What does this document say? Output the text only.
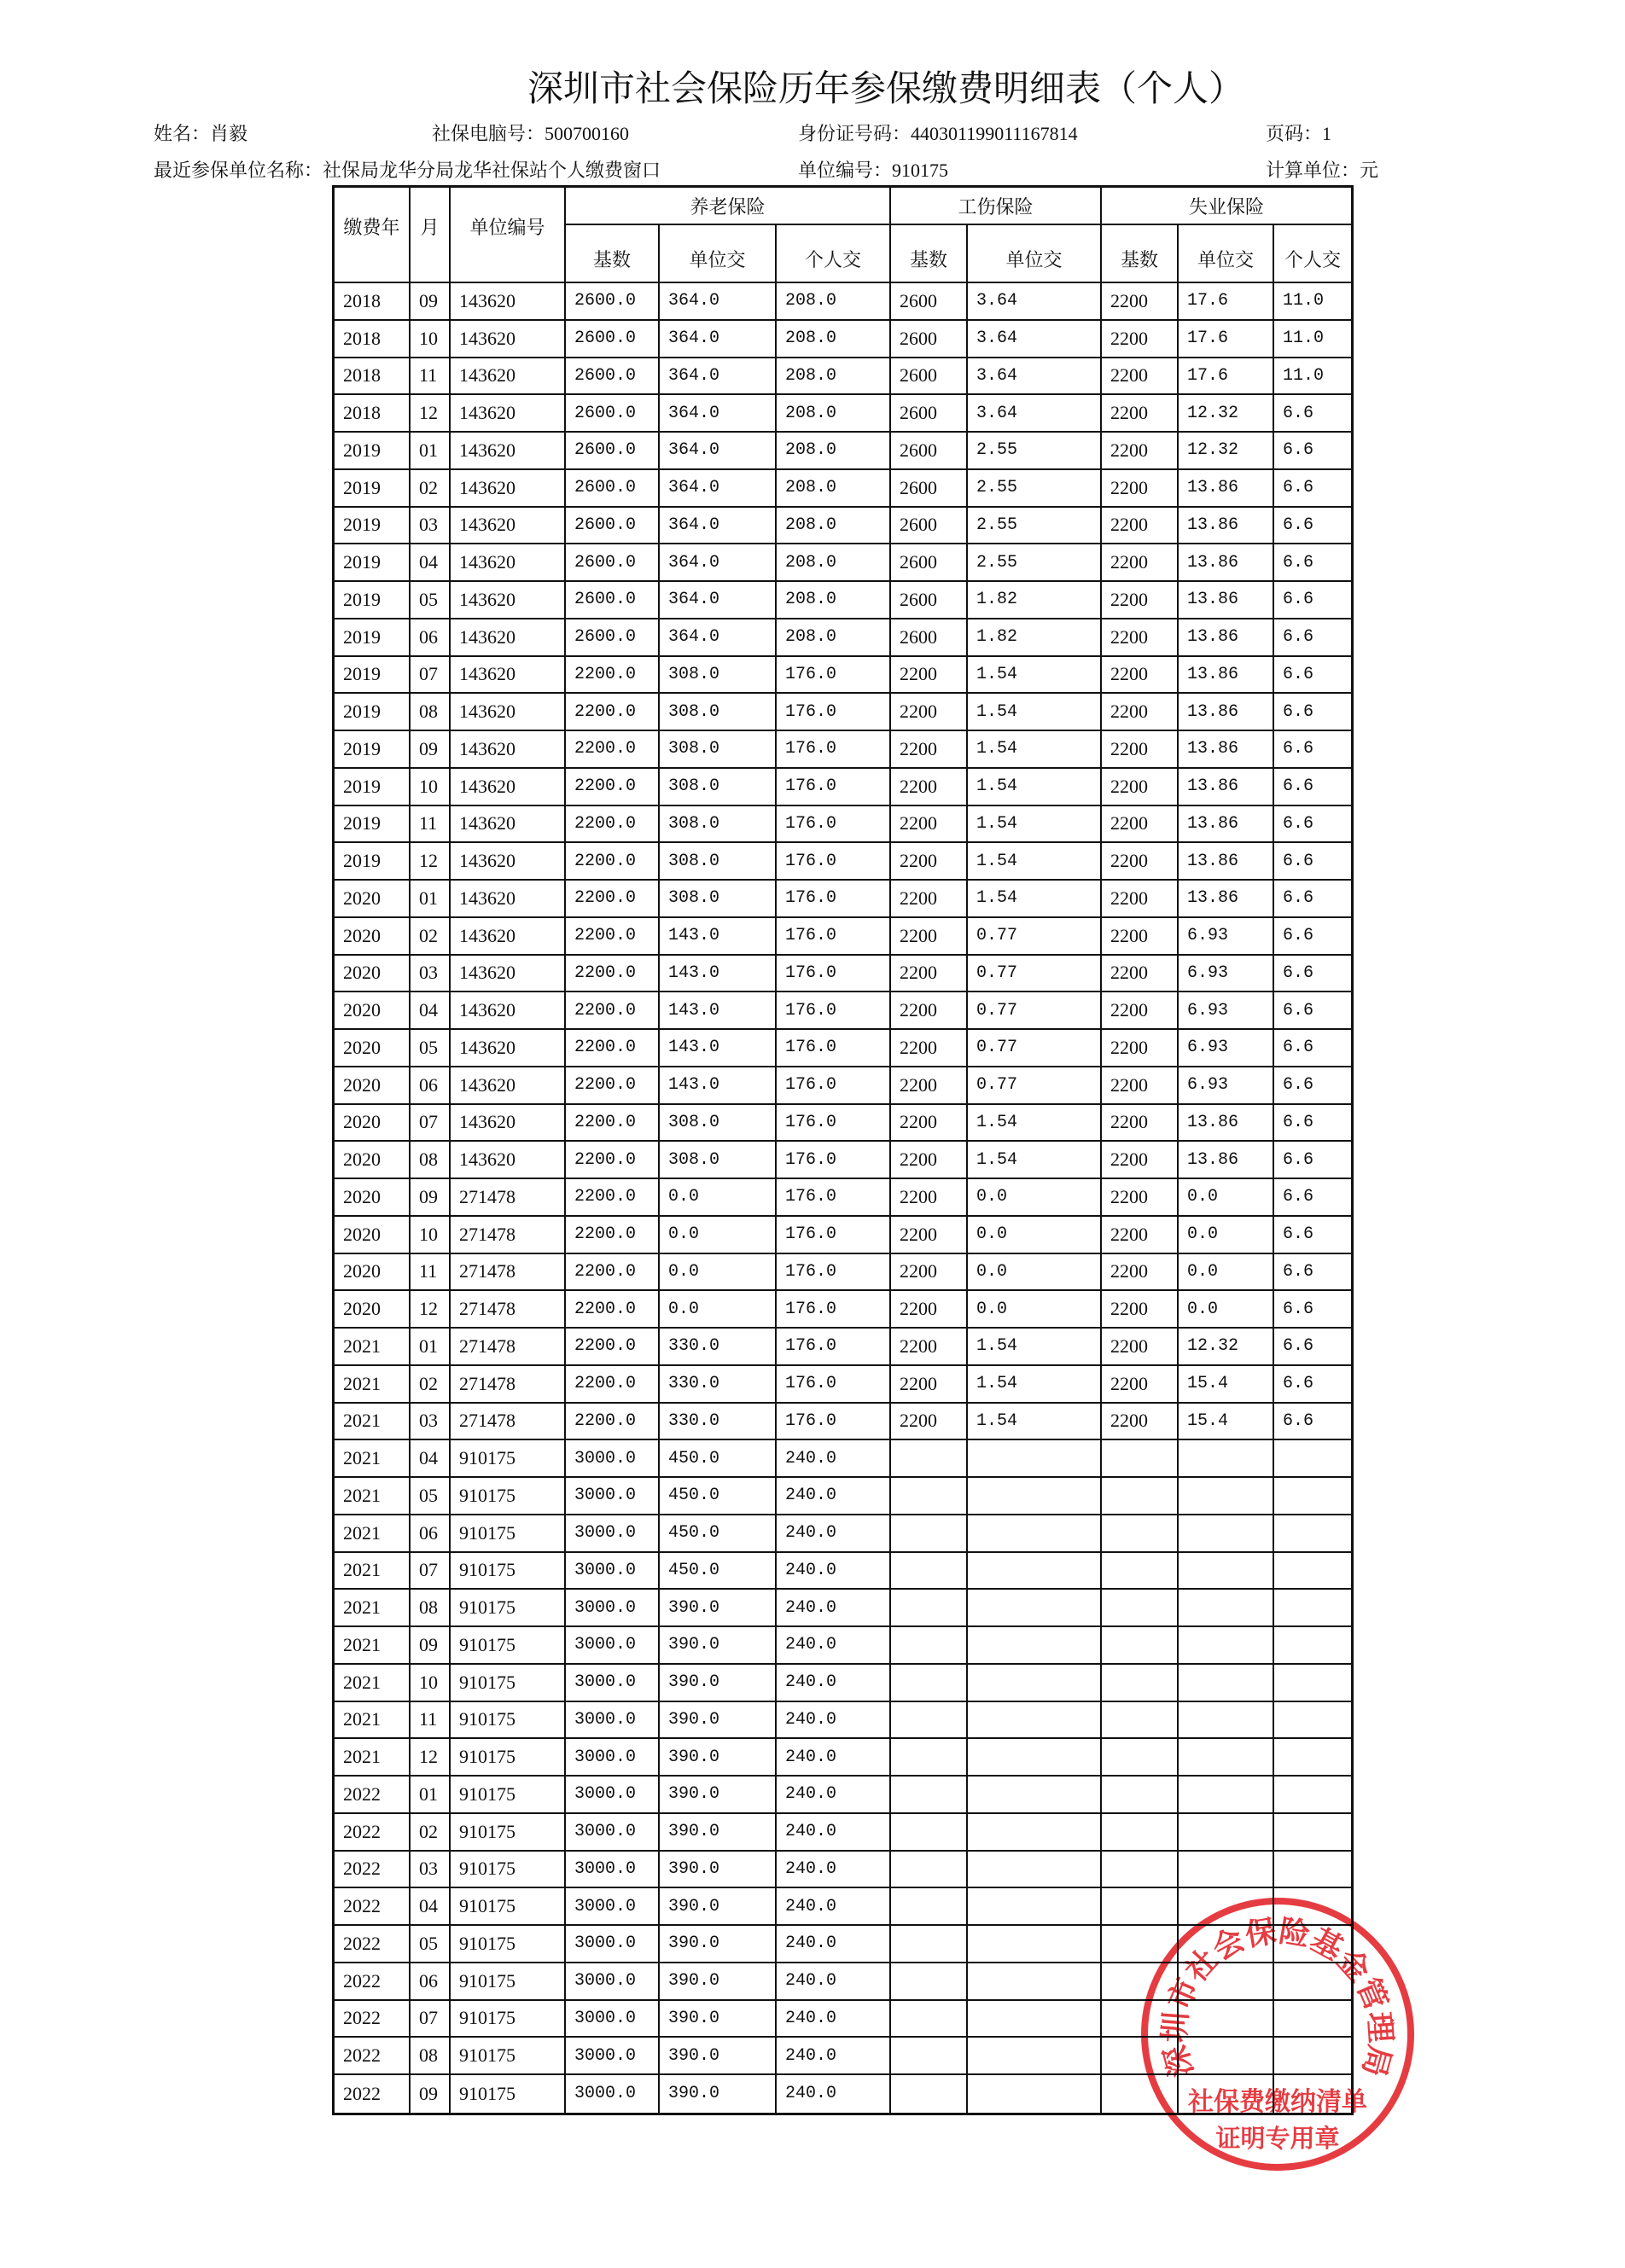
深圳市社会保险历年参保缴费明细表（个人）
姓名：肖毅	社保电脑号：500700160	身份证号码：440301199011167814	页码：1
最近参保单位名称：社保局龙华分局龙华社保站个人缴费窗口	单位编号：910175	计算单位：元
缴费年	月	单位编号
养老保险	工伤保险	失业保险
基数	单位交	个人交	基数	单位交	基数	单位交	个人交
2018	09	143620	2600.0	364.0	208.0	2600	3.64	2200	17.6	11.0
2018	10	143620	2600.0	364.0	208.0	2600	3.64	2200	17.6	11.0
2018	11	143620	2600.0	364.0	208.0	2600	3.64	2200	17.6	11.0
2018	12	143620	2600.0	364.0	208.0	2600	3.64	2200	12.32	6.6
2019	01	143620	2600.0	364.0	208.0	2600	2.55	2200	12.32	6.6
2019	02	143620	2600.0	364.0	208.0	2600	2.55	2200	13.86	6.6
2019	03	143620	2600.0	364.0	208.0	2600	2.55	2200	13.86	6.6
2019	04	143620	2600.0	364.0	208.0	2600	2.55	2200	13.86	6.6
2019	05	143620	2600.0	364.0	208.0	2600	1.82	2200	13.86	6.6
2019	06	143620	2600.0	364.0	208.0	2600	1.82	2200	13.86	6.6
2019	07	143620	2200.0	308.0	176.0	2200	1.54	2200	13.86	6.6
2019	08	143620	2200.0	308.0	176.0	2200	1.54	2200	13.86	6.6
2019	09	143620	2200.0	308.0	176.0	2200	1.54	2200	13.86	6.6
2019	10	143620	2200.0	308.0	176.0	2200	1.54	2200	13.86	6.6
2019	11	143620	2200.0	308.0	176.0	2200	1.54	2200	13.86	6.6
2019	12	143620	2200.0	308.0	176.0	2200	1.54	2200	13.86	6.6
2020	01	143620	2200.0	308.0	176.0	2200	1.54	2200	13.86	6.6
2020	02	143620	2200.0	143.0	176.0	2200	0.77	2200	6.93	6.6
2020	03	143620	2200.0	143.0	176.0	2200	0.77	2200	6.93	6.6
2020	04	143620	2200.0	143.0	176.0	2200	0.77	2200	6.93	6.6
2020	05	143620	2200.0	143.0	176.0	2200	0.77	2200	6.93	6.6
2020	06	143620	2200.0	143.0	176.0	2200	0.77	2200	6.93	6.6
2020	07	143620	2200.0	308.0	176.0	2200	1.54	2200	13.86	6.6
2020	08	143620	2200.0	308.0	176.0	2200	1.54	2200	13.86	6.6
2020	09	271478	2200.0	0.0	176.0	2200	0.0	2200	0.0	6.6
2020	10	271478	2200.0	0.0	176.0	2200	0.0	2200	0.0	6.6
2020	11	271478	2200.0	0.0	176.0	2200	0.0	2200	0.0	6.6
2020	12	271478	2200.0	0.0	176.0	2200	0.0	2200	0.0	6.6
2021	01	271478	2200.0	330.0	176.0	2200	1.54	2200	12.32	6.6
2021	02	271478	2200.0	330.0	176.0	2200	1.54	2200	15.4	6.6
2021	03	271478	2200.0	330.0	176.0	2200	1.54	2200	15.4	6.6
2021	04	910175	3000.0	450.0	240.0
2021	05	910175	3000.0	450.0	240.0
2021	06	910175	3000.0	450.0	240.0
2021	07	910175	3000.0	450.0	240.0
2021	08	910175	3000.0	390.0	240.0
2021	09	910175	3000.0	390.0	240.0
2021	10	910175	3000.0	390.0	240.0
2021	11	910175	3000.0	390.0	240.0
2021	12	910175	3000.0	390.0	240.0
2022	01	910175	3000.0	390.0	240.0
2022	02	910175	3000.0	390.0	240.0
2022	03	910175	3000.0	390.0	240.0
2022	04	910175	3000.0	390.0	240.0
2022	05	910175	3000.0	390.0	240.0
2022	06	910175	3000.0	390.0	240.0
2022	07	910175	3000.0	390.0	240.0
2022	08	910175	3000.0	390.0	240.0
2022	09	910175	3000.0	390.0	240.0
深圳市社会保险基金管理局
社保费缴纳清单
证明专用章
